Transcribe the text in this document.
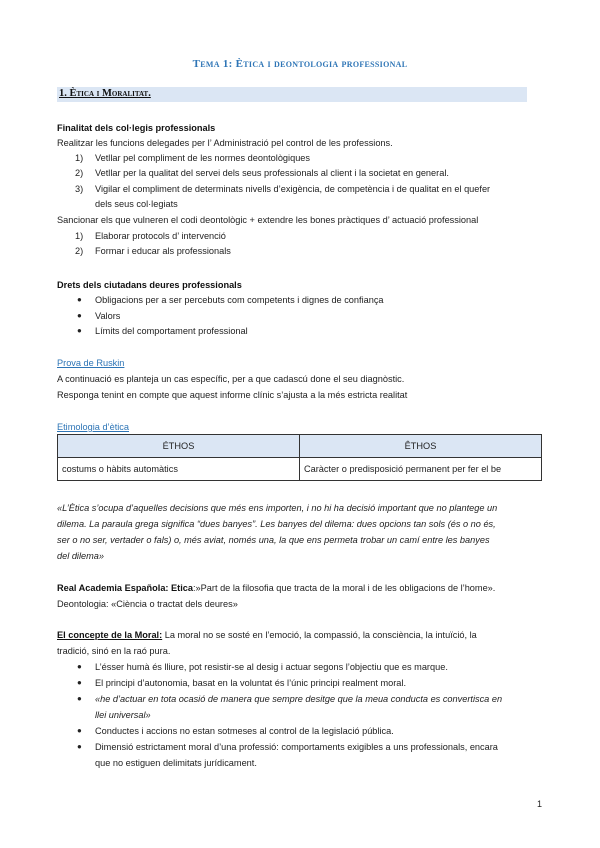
Tema 1: Ètica i deontologia professional
1. Ètica i Moralitat.
Finalitat dels col·legis professionals
Realitzar les funcions delegades per l’ Administració pel control de les professions.
1) Vetllar pel compliment de les normes deontològiques
2) Vetllar per la qualitat del servei dels seus professionals al client i la societat en general.
3) Vigilar el compliment de determinats nivells d’exigència, de competència i de qualitat en el quefer
dels seus col·legiats
Sancionar els que vulneren el codi deontològic + extendre les bones pràctiques d’ actuació professional
1) Elaborar protocols d’ intervenció
2) Formar i educar als professionals
Drets dels ciutadans deures professionals
● Obligacions per a ser percebuts com competents i dignes de confiança
● Valors
● Límits del comportament professional
Prova de Ruskin
A continuació es planteja un cas específic, per a que cadascú done el seu diagnòstic.
Responga tenint en compte que aquest informe clínic s’ajusta a la més estricta realitat
Etimologia d’ètica
ÉTHOS	ÊTHOS
costums o hàbits automàtics	Caràcter o predisposició permanent per fer el be
«L’Ètica s’ocupa d’aquelles decisions que més ens importen, i no hi ha decisió important que no plantege un
dilema. La paraula grega significa “dues banyes”. Les banyes del dilema: dues opcions tan sols (és o no és,
ser o no ser, vertader o fals) o, més aviat, només una, la que ens permeta trobar un camí entre les banyes
del dilema»
Real Academia Española: Etica:»Part de la filosofia que tracta de la moral i de les obligacions de l’home».
Deontologia: «Ciència o tractat dels deures»
El concepte de la Moral: La moral no se sosté en l’emoció, la compassió, la consciència, la intuïció, la
tradició, sinó en la raó pura.
● L’ésser humà és lliure, pot resistir-se al desig i actuar segons l’objectiu que es marque.
● El principi d’autonomia, basat en la voluntat és l’únic principi realment moral.
● «he d’actuar en tota ocasió de manera que sempre desitge que la meua conducta es convertisca en
llei universal»
● Conductes i accions no estan sotmeses al control de la legislació pública.
● Dimensió estrictament moral d’una professió: comportaments exigibles a uns professionals, encara
que no estiguen delimitats jurídicament.
1
